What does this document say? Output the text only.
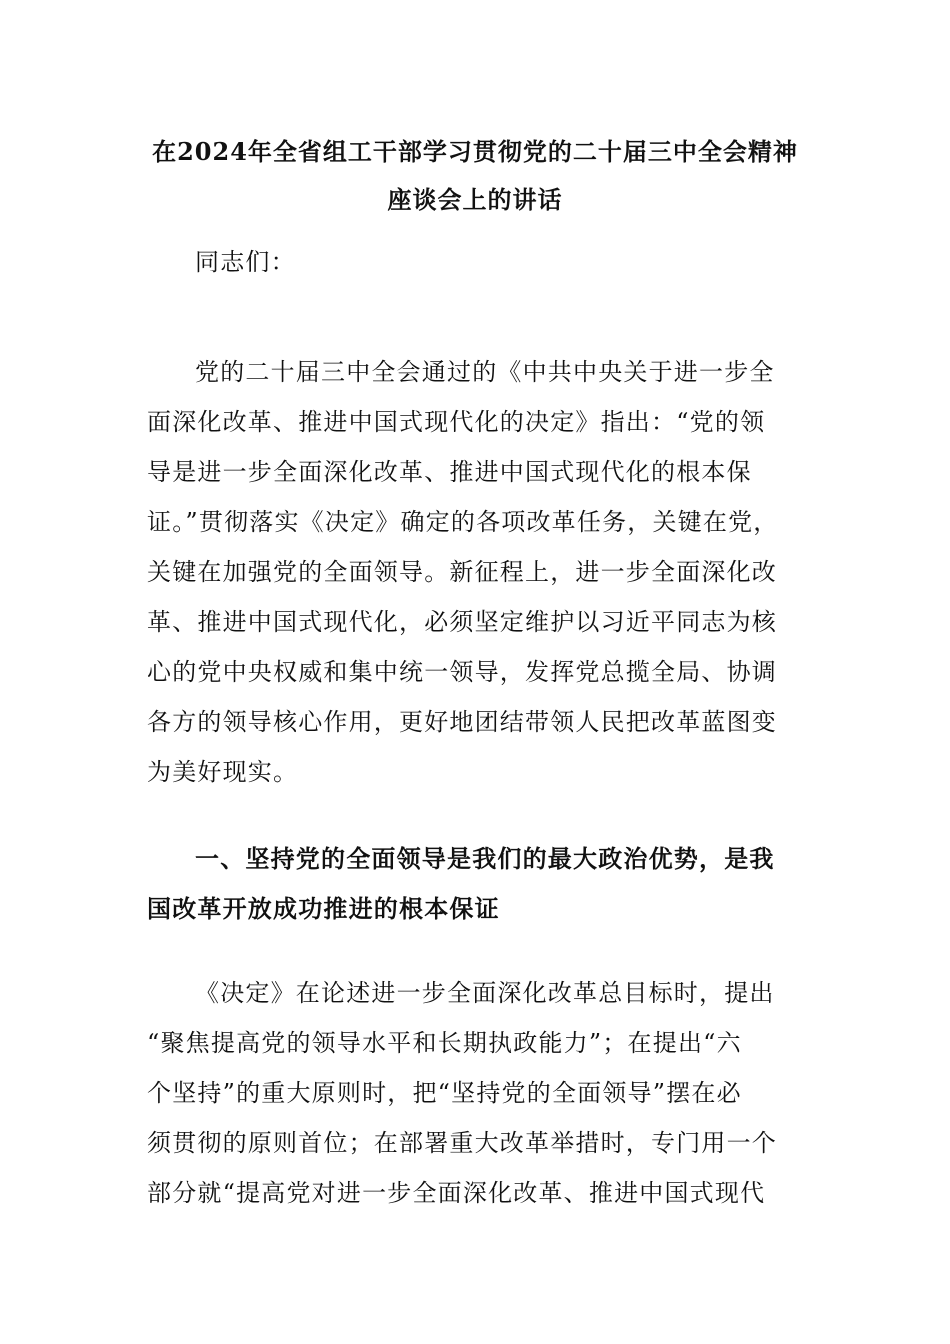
在2024年全省组工干部学习贯彻党的二十届三中全会精神
座谈会上的讲话

同志们：

党的二十届三中全会通过的《中共中央关于进一步全

面深化改革、推进中国式现代化的决定》指出：“党的领

导是进一步全面深化改革、推进中国式现代化的根本保

证。”贯彻落实《决定》确定的各项改革任务，关键在党，

关键在加强党的全面领导。新征程上，进一步全面深化改

革、推进中国式现代化，必须坚定维护以习近平同志为核

心的党中央权威和集中统一领导，发挥党总揽全局、协调

各方的领导核心作用，更好地团结带领人民把改革蓝图变

为美好现实。

一、坚持党的全面领导是我们的最大政治优势，是我

国改革开放成功推进的根本保证

《决定》在论述进一步全面深化改革总目标时，提出

“聚焦提高党的领导水平和长期执政能力”；在提出“六

个坚持”的重大原则时，把“坚持党的全面领导”摆在必

须贯彻的原则首位；在部署重大改革举措时，专门用一个

部分就“提高党对进一步全面深化改革、推进中国式现代
